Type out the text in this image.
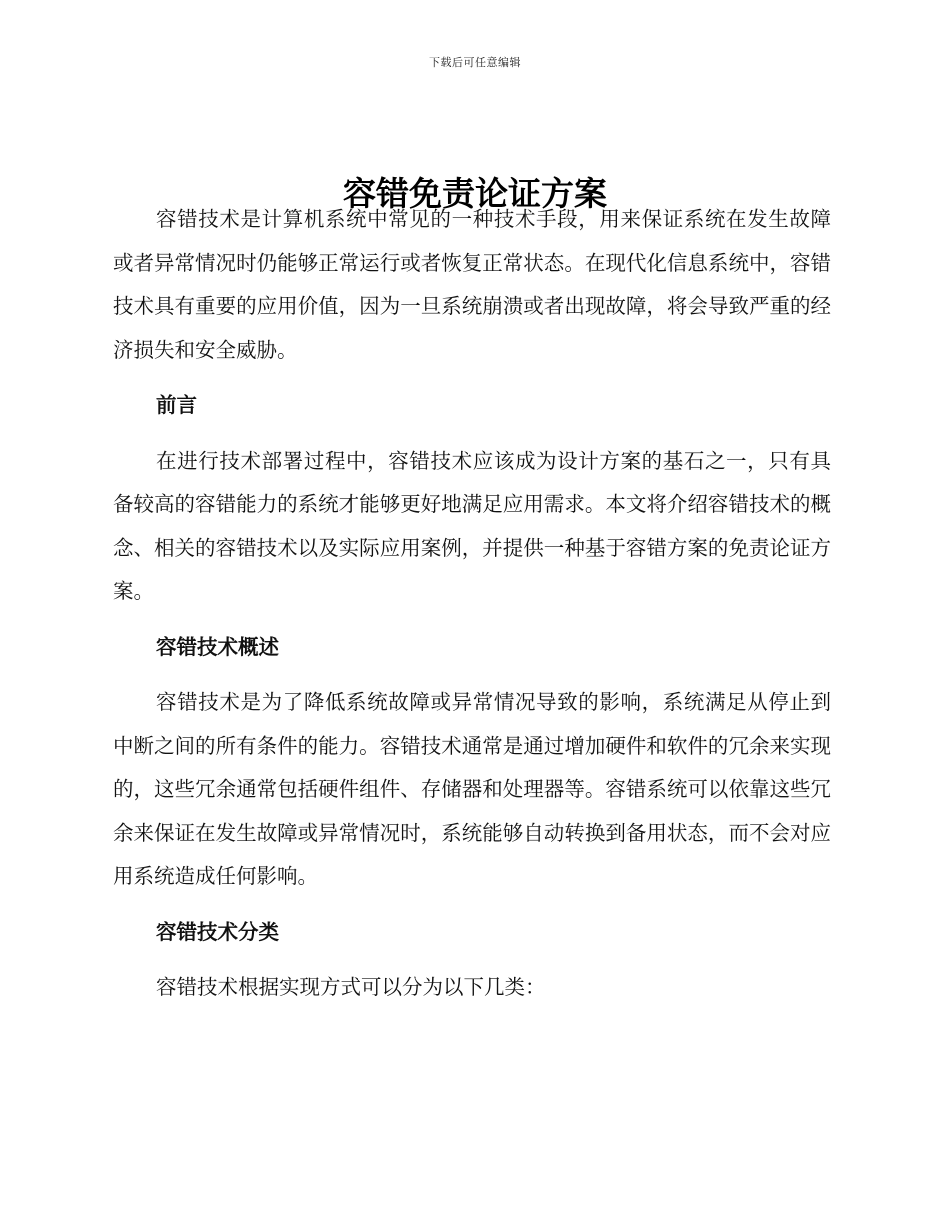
下载后可任意编辑
容错免责论证方案

容错技术是计算机系统中常见的一种技术手段，用来保证系统在发生故障或者异常情况时仍能够正常运行或者恢复正常状态。在现代化信息系统中，容错技术具有重要的应用价值，因为一旦系统崩溃或者出现故障，将会导致严重的经济损失和安全威胁。

前言

在进行技术部署过程中，容错技术应该成为设计方案的基石之一，只有具备较高的容错能力的系统才能够更好地满足应用需求。本文将介绍容错技术的概念、相关的容错技术以及实际应用案例，并提供一种基于容错方案的免责论证方案。

容错技术概述

容错技术是为了降低系统故障或异常情况导致的影响，系统满足从停止到中断之间的所有条件的能力。容错技术通常是通过增加硬件和软件的冗余来实现的，这些冗余通常包括硬件组件、存储器和处理器等。容错系统可以依靠这些冗余来保证在发生故障或异常情况时，系统能够自动转换到备用状态，而不会对应用系统造成任何影响。

容错技术分类

容错技术根据实现方式可以分为以下几类：
